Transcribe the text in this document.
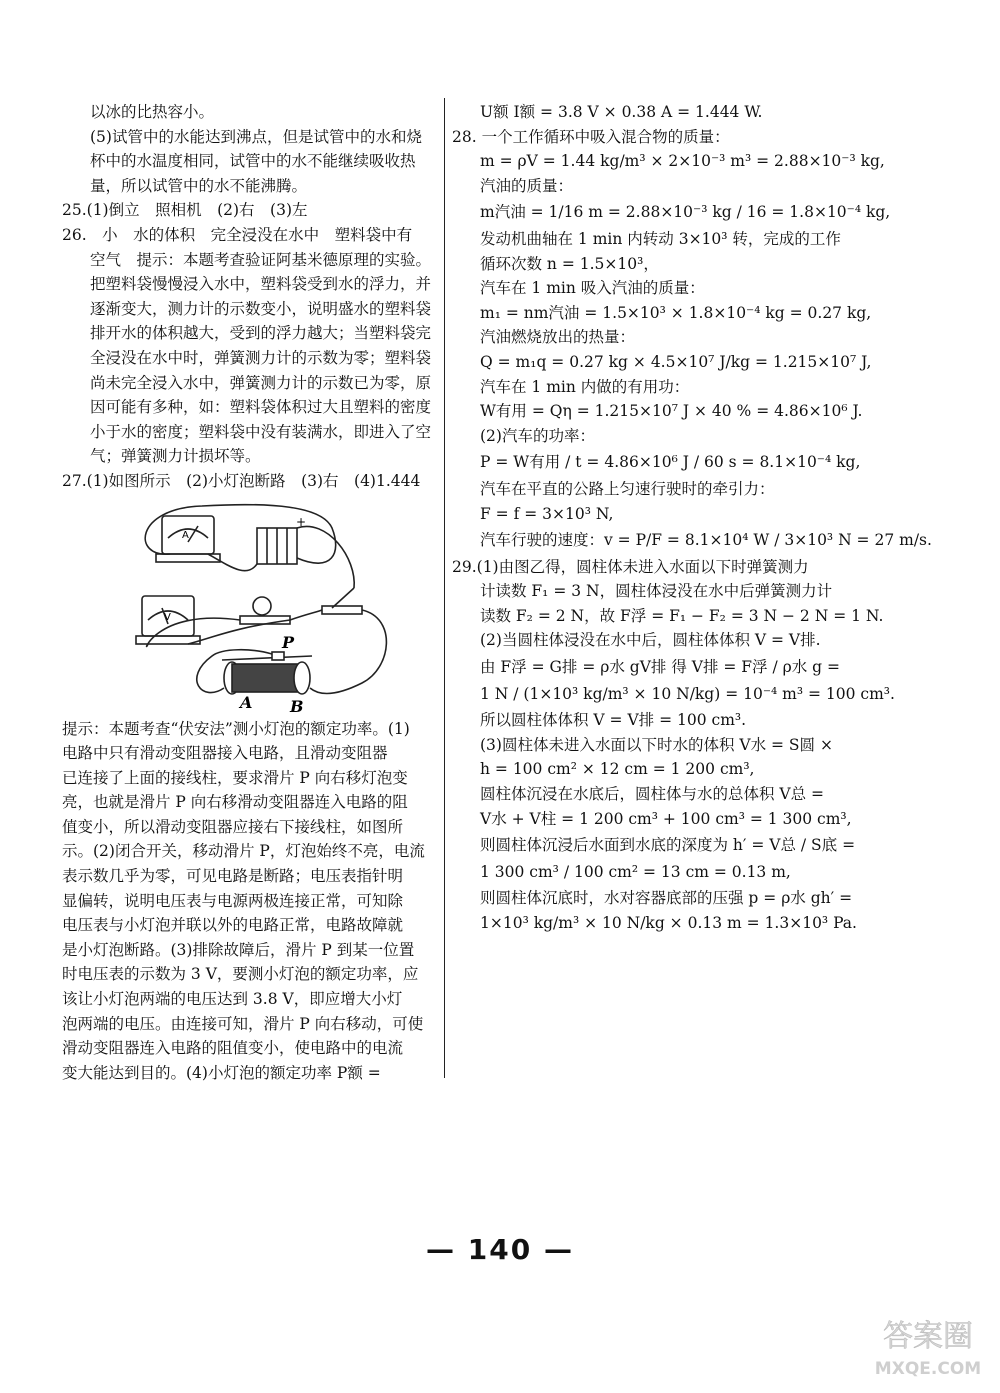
以冰的比热容小。

(5)试管中的水能达到沸点，但是试管中的水和烧

杯中的水温度相同，试管中的水不能继续吸收热

量，所以试管中的水不能沸腾。

25.(1)倒立　照相机　(2)右　(3)左

26.　小　水的体积　完全浸没在水中　塑料袋中有

空气　提示：本题考查验证阿基米德原理的实验。

把塑料袋慢慢浸入水中，塑料袋受到水的浮力，并

逐渐变大，测力计的示数变小，说明盛水的塑料袋

排开水的体积越大，受到的浮力越大；当塑料袋完

全浸没在水中时，弹簧测力计的示数为零；塑料袋

尚未完全浸入水中，弹簧测力计的示数已为零，原

因可能有多种，如：塑料袋体积过大且塑料的密度

小于水的密度；塑料袋中没有装满水，即进入了空

气；弹簧测力计损坏等。

27.(1)如图所示　(2)小灯泡断路　(3)右　(4)1.444

A
V
+
P
A B

提示：本题考查“伏安法”测小灯泡的额定功率。(1)

电路中只有滑动变阻器接入电路，且滑动变阻器

已连接了上面的接线柱，要求滑片 P 向右移灯泡变

亮，也就是滑片 P 向右移滑动变阻器连入电路的阻

值变小，所以滑动变阻器应接右下接线柱，如图所

示。(2)闭合开关，移动滑片 P，灯泡始终不亮，电流

表示数几乎为零，可见电路是断路；电压表指针明

显偏转，说明电压表与电源两极连接正常，可知除

电压表与小灯泡并联以外的电路正常，电路故障就

是小灯泡断路。(3)排除故障后，滑片 P 到某一位置

时电压表的示数为 3 V，要测小灯泡的额定功率，应

该让小灯泡两端的电压达到 3.8 V，即应增大小灯

泡两端的电压。由连接可知，滑片 P 向右移动，可使

滑动变阻器连入电路的阻值变小，使电路中的电流

变大能达到目的。(4)小灯泡的额定功率 P额 =

U额 I额 = 3.8 V × 0.38 A = 1.444 W.

28. 一个工作循环中吸入混合物的质量：

m = ρV = 1.44 kg/m³ × 2×10⁻³ m³ = 2.88×10⁻³ kg,

汽油的质量：

m汽油 = 1/16 m = 2.88×10⁻³ kg / 16 = 1.8×10⁻⁴ kg,

发动机曲轴在 1 min 内转动 3×10³ 转，完成的工作

循环次数 n = 1.5×10³，

汽车在 1 min 吸入汽油的质量：

m₁ = nm汽油 = 1.5×10³ × 1.8×10⁻⁴ kg = 0.27 kg,

汽油燃烧放出的热量：

Q = m₁q = 0.27 kg × 4.5×10⁷ J/kg = 1.215×10⁷ J,

汽车在 1 min 内做的有用功：

W有用 = Qη = 1.215×10⁷ J × 40 % = 4.86×10⁶ J.

(2)汽车的功率：

P = W有用 / t = 4.86×10⁶ J / 60 s = 8.1×10⁻⁴ kg,

汽车在平直的公路上匀速行驶时的牵引力：

F = f = 3×10³ N,

汽车行驶的速度：v = P/F = 8.1×10⁴ W / 3×10³ N = 27 m/s.

29.(1)由图乙得，圆柱体未进入水面以下时弹簧测力

计读数 F₁ = 3 N，圆柱体浸没在水中后弹簧测力计

读数 F₂ = 2 N，故 F浮 = F₁ − F₂ = 3 N − 2 N = 1 N.

(2)当圆柱体浸没在水中后，圆柱体体积 V = V排.

由 F浮 = G排 = ρ水 gV排 得 V排 = F浮 / ρ水 g =

1 N / (1×10³ kg/m³ × 10 N/kg) = 10⁻⁴ m³ = 100 cm³.

所以圆柱体体积 V = V排 = 100 cm³.

(3)圆柱体未进入水面以下时水的体积 V水 = S圆 ×

h = 100 cm² × 12 cm = 1 200 cm³,

圆柱体沉浸在水底后，圆柱体与水的总体积 V总 =

V水 + V柱 = 1 200 cm³ + 100 cm³ = 1 300 cm³,

则圆柱体沉浸后水面到水底的深度为 h′ = V总 / S底 =

1 300 cm³ / 100 cm² = 13 cm = 0.13 m,

则圆柱体沉底时，水对容器底部的压强 p = ρ水 gh′ =

1×10³ kg/m³ × 10 N/kg × 0.13 m = 1.3×10³ Pa.

— 140 —
答案圈
MXQE.COM
